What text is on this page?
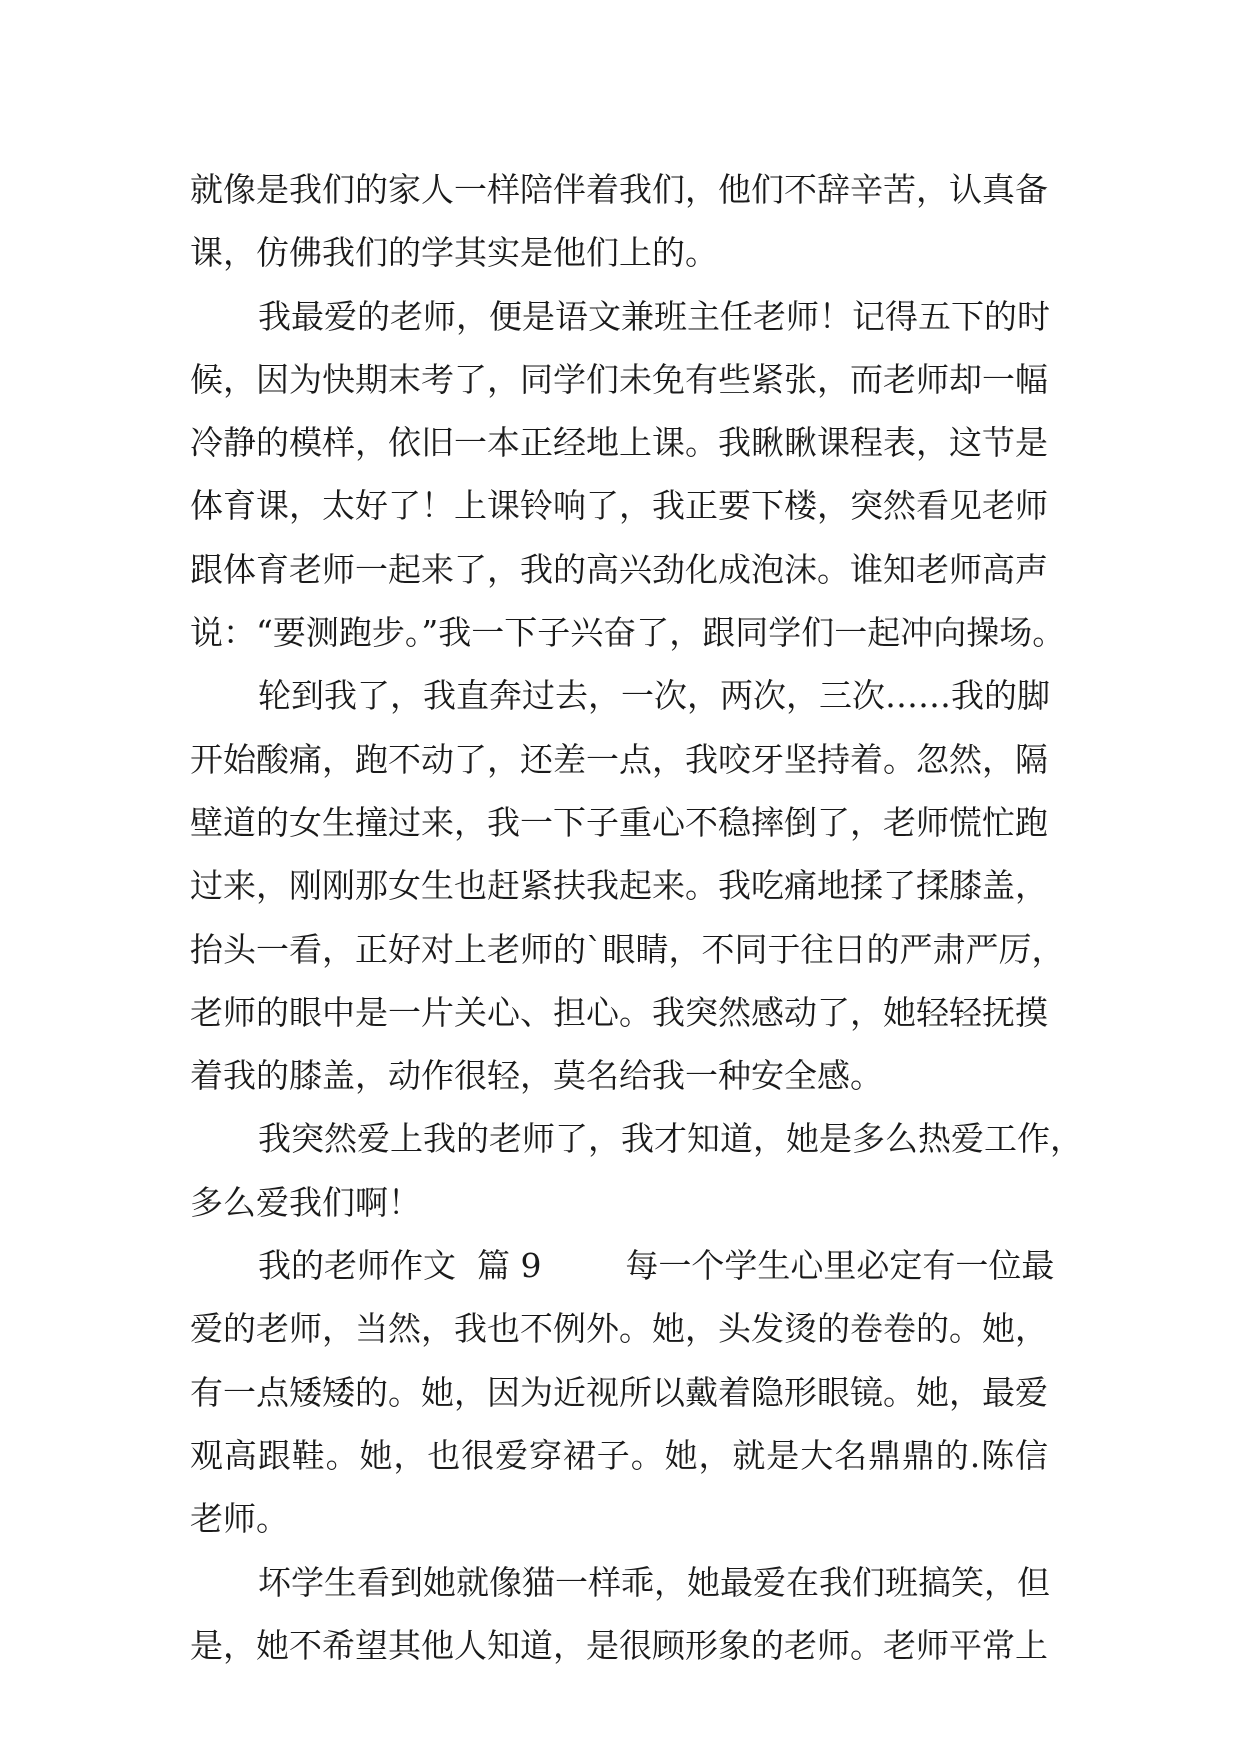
就像是我们的家人一样陪伴着我们，他们不辞辛苦，认真备
课，仿佛我们的学其实是他们上的。
我最爱的老师，便是语文兼班主任老师！记得五下的时
候，因为快期末考了，同学们未免有些紧张，而老师却一幅
冷静的模样，依旧一本正经地上课。我瞅瞅课程表，这节是
体育课，太好了！上课铃响了，我正要下楼，突然看见老师
跟体育老师一起来了，我的高兴劲化成泡沫。谁知老师高声
说：“要测跑步。”我一下子兴奋了，跟同学们一起冲向操场。
轮到我了，我直奔过去，一次，两次，三次……我的脚
开始酸痛，跑不动了，还差一点，我咬牙坚持着。忽然，隔
壁道的女生撞过来，我一下子重心不稳摔倒了，老师慌忙跑
过来，刚刚那女生也赶紧扶我起来。我吃痛地揉了揉膝盖，
抬头一看，正好对上老师的`眼睛，不同于往日的严肃严厉，
老师的眼中是一片关心、担心。我突然感动了，她轻轻抚摸
着我的膝盖，动作很轻，莫名给我一种安全感。
我突然爱上我的老师了，我才知道，她是多么热爱工作，
多么爱我们啊！
我的老师作文  篇 9        每一个学生心里必定有一位最
爱的老师，当然，我也不例外。她，头发烫的卷卷的。她，
有一点矮矮的。她，因为近视所以戴着隐形眼镜。她，最爱
观高跟鞋。她，也很爱穿裙子。她，就是大名鼎鼎的.陈信
老师。
坏学生看到她就像猫一样乖，她最爱在我们班搞笑，但
是，她不希望其他人知道，是很顾形象的老师。老师平常上
